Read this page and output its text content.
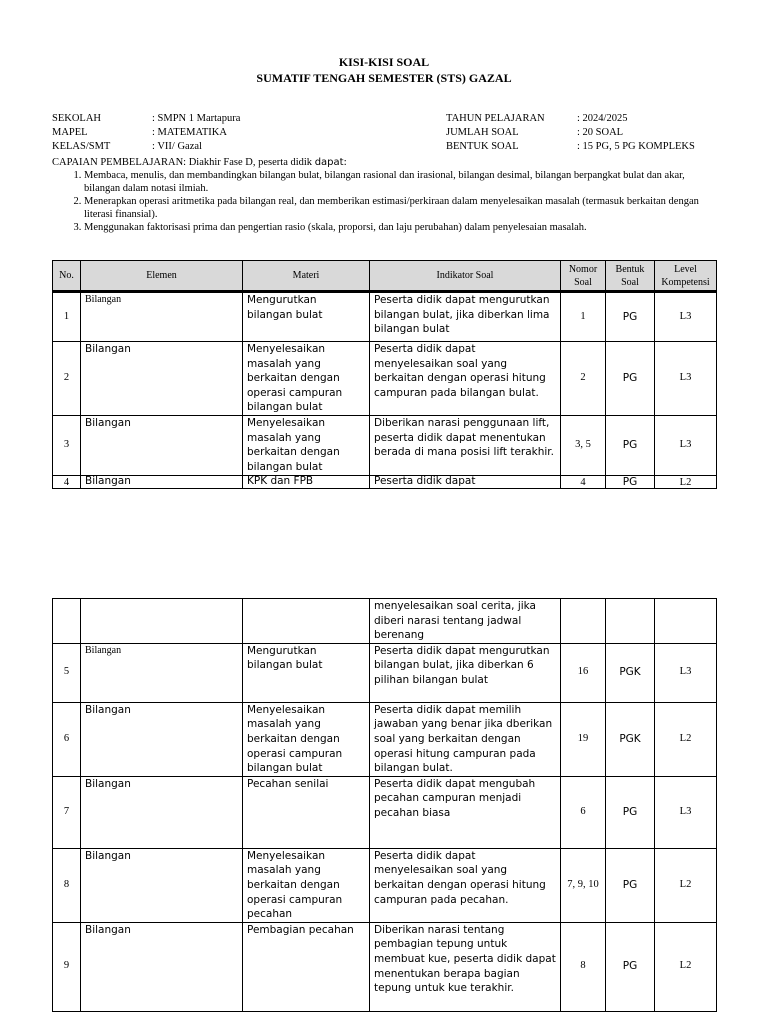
KISI-KISI SOAL
SUMATIF TENGAH SEMESTER (STS) GAZAL
SEKOLAH	: SMPN 1 Martapura
MAPEL	: MATEMATIKA
KELAS/SMT	: VII/ Gazal
TAHUN PELAJARAN	: 2024/2025
JUMLAH SOAL	: 20 SOAL
BENTUK SOAL	: 15 PG, 5 PG KOMPLEKS
CAPAIAN PEMBELAJARAN: Diakhir Fase D, peserta didik dapat:
1. Membaca, menulis, dan membandingkan bilangan bulat, bilangan rasional dan irasional, bilangan desimal, bilangan berpangkat bulat dan akar, bilangan dalam notasi ilmiah.
2. Menerapkan operasi aritmetika pada bilangan real, dan memberikan estimasi/perkiraan dalam menyelesaikan masalah (termasuk berkaitan dengan literasi finansial).
3. Menggunakan faktorisasi prima dan pengertian rasio (skala, proporsi, dan laju perubahan) dalam penyelesaian masalah.
No.	Elemen	Materi	Indikator Soal	Nomor Soal	Bentuk Soal	Level Kompetensi
1	Bilangan	Mengurutkan bilangan bulat	Peserta didik dapat mengurutkan bilangan bulat, jika diberkan lima bilangan bulat	1	PG	L3
2	Bilangan	Menyelesaikan masalah yang berkaitan dengan operasi campuran bilangan bulat	Peserta didik dapat menyelesaikan soal yang berkaitan dengan operasi hitung campuran pada bilangan bulat.	2	PG	L3
3	Bilangan	Menyelesaikan masalah yang berkaitan dengan bilangan bulat	Diberikan narasi penggunaan lift, peserta didik dapat menentukan berada di mana posisi lift terakhir.	3, 5	PG	L3
4	Bilangan	KPK dan FPB	Peserta didik dapat	4	PG	L2
			menyelesaikan soal cerita, jika diberi narasi tentang jadwal berenang			
5	Bilangan	Mengurutkan bilangan bulat	Peserta didik dapat mengurutkan bilangan bulat, jika diberkan 6 pilihan bilangan bulat	16	PGK	L3
6	Bilangan	Menyelesaikan masalah yang berkaitan dengan operasi campuran bilangan bulat	Peserta didik dapat memilih jawaban yang benar jika dberikan soal yang berkaitan dengan operasi hitung campuran pada bilangan bulat.	19	PGK	L2
7	Bilangan	Pecahan senilai	Peserta didik dapat mengubah pecahan campuran menjadi pecahan biasa	6	PG	L3
8	Bilangan	Menyelesaikan masalah yang berkaitan dengan operasi campuran pecahan	Peserta didik dapat menyelesaikan soal yang berkaitan dengan operasi hitung campuran pada pecahan.	7, 9, 10	PG	L2
9	Bilangan	Pembagian pecahan	Diberikan narasi tentang pembagian tepung untuk membuat kue, peserta didik dapat menentukan berapa bagian tepung untuk kue terakhir.	8	PG	L2
